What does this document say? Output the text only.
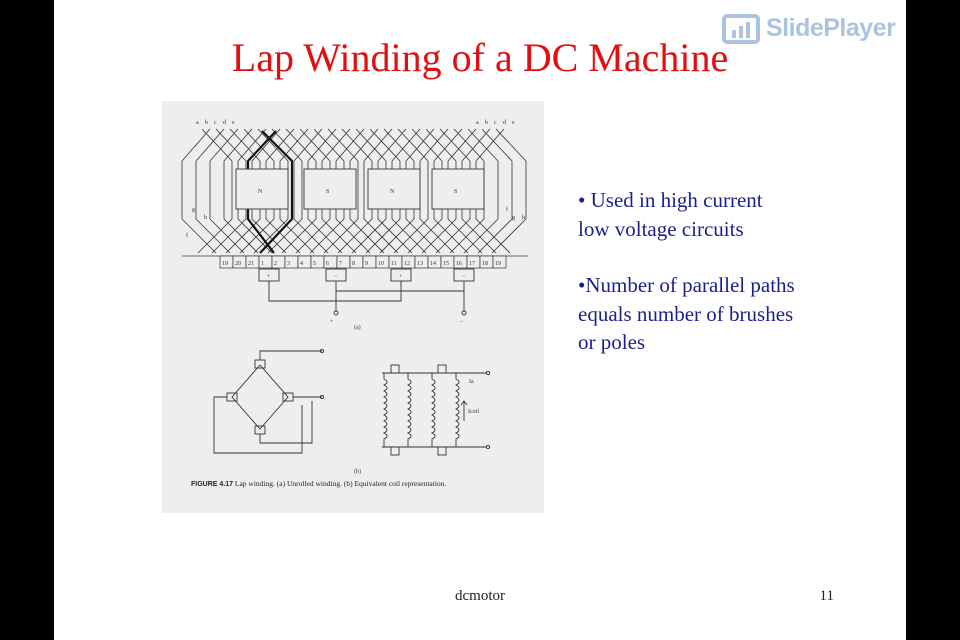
Lap Winding of a DC Machine
SlidePlayer
a b c d e	a b c d e
g
h
f
f
g h
N	S	N	S
19 20 21 1 2 3 4 5 6 7 8 9 10 11 12 13 14 15 16 17 18 19
+	−	+	−
+	−
(a)
Ia
Icoil
(b)
FIGURE 4.17 Lap winding. (a) Unrolled winding. (b) Equivalent coil representation.

• Used in high current

low voltage circuits

•Number of parallel paths

equals number of brushes

or poles

dcmotor	11
